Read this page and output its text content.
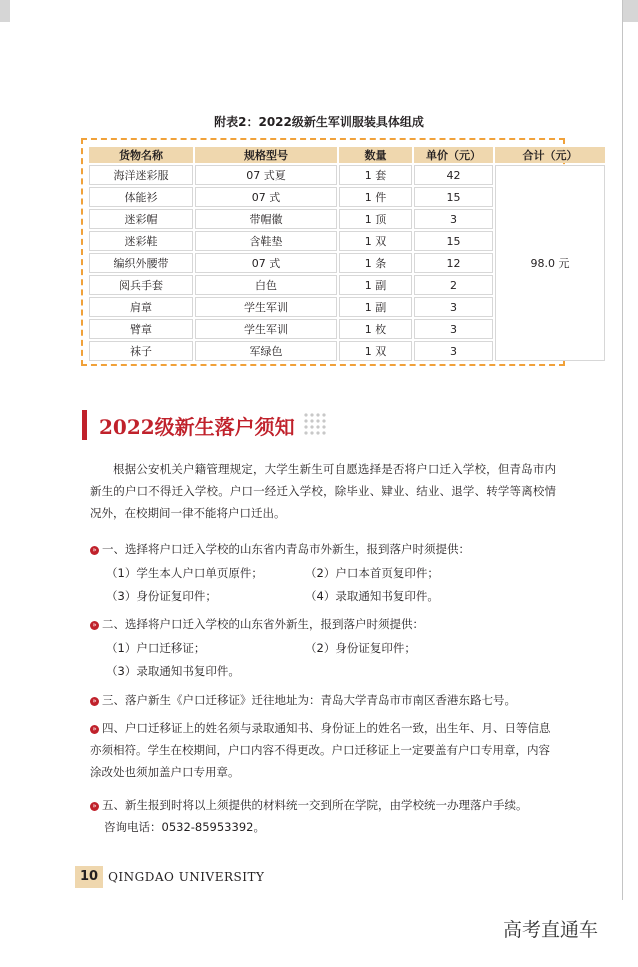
附表2：2022级新生军训服装具体组成
货物名称	规格型号	数量	单价（元）	合计（元）
海洋迷彩服	07 式夏	1 套	42	98.0 元
体能衫	07 式	1 件	15	
迷彩帽	带帽徽	1 顶	3	
迷彩鞋	含鞋垫	1 双	15	
编织外腰带	07 式	1 条	12	
阅兵手套	白色	1 副	2	
肩章	学生军训	1 副	3	
臂章	学生军训	1 枚	3	
袜子	军绿色	1 双	3	
2022级新生落户须知
根据公安机关户籍管理规定，大学生新生可自愿选择是否将户口迁入学校，但青岛市内新生的户口不得迁入学校。户口一经迁入学校，除毕业、肄业、结业、退学、转学等离校情况外，在校期间一律不能将户口迁出。
» 一、选择将户口迁入学校的山东省内青岛市外新生，报到落户时须提供：
（1）学生本人户口单页原件；	（2）户口本首页复印件；
（3）身份证复印件；	（4）录取通知书复印件。
» 二、选择将户口迁入学校的山东省外新生，报到落户时须提供：
（1）户口迁移证；	（2）身份证复印件；
（3）录取通知书复印件。
» 三、落户新生《户口迁移证》迁往地址为：青岛大学青岛市市南区香港东路七号。
» 四、户口迁移证上的姓名须与录取通知书、身份证上的姓名一致，出生年、月、日等信息亦须相符。学生在校期间，户口内容不得更改。户口迁移证上一定要盖有户口专用章，内容涂改处也须加盖户口专用章。
» 五、新生报到时将以上须提供的材料统一交到所在学院，由学校统一办理落户手续。
咨询电话：0532-85953392。
10 QINGDAO UNIVERSITY
高考直通车
